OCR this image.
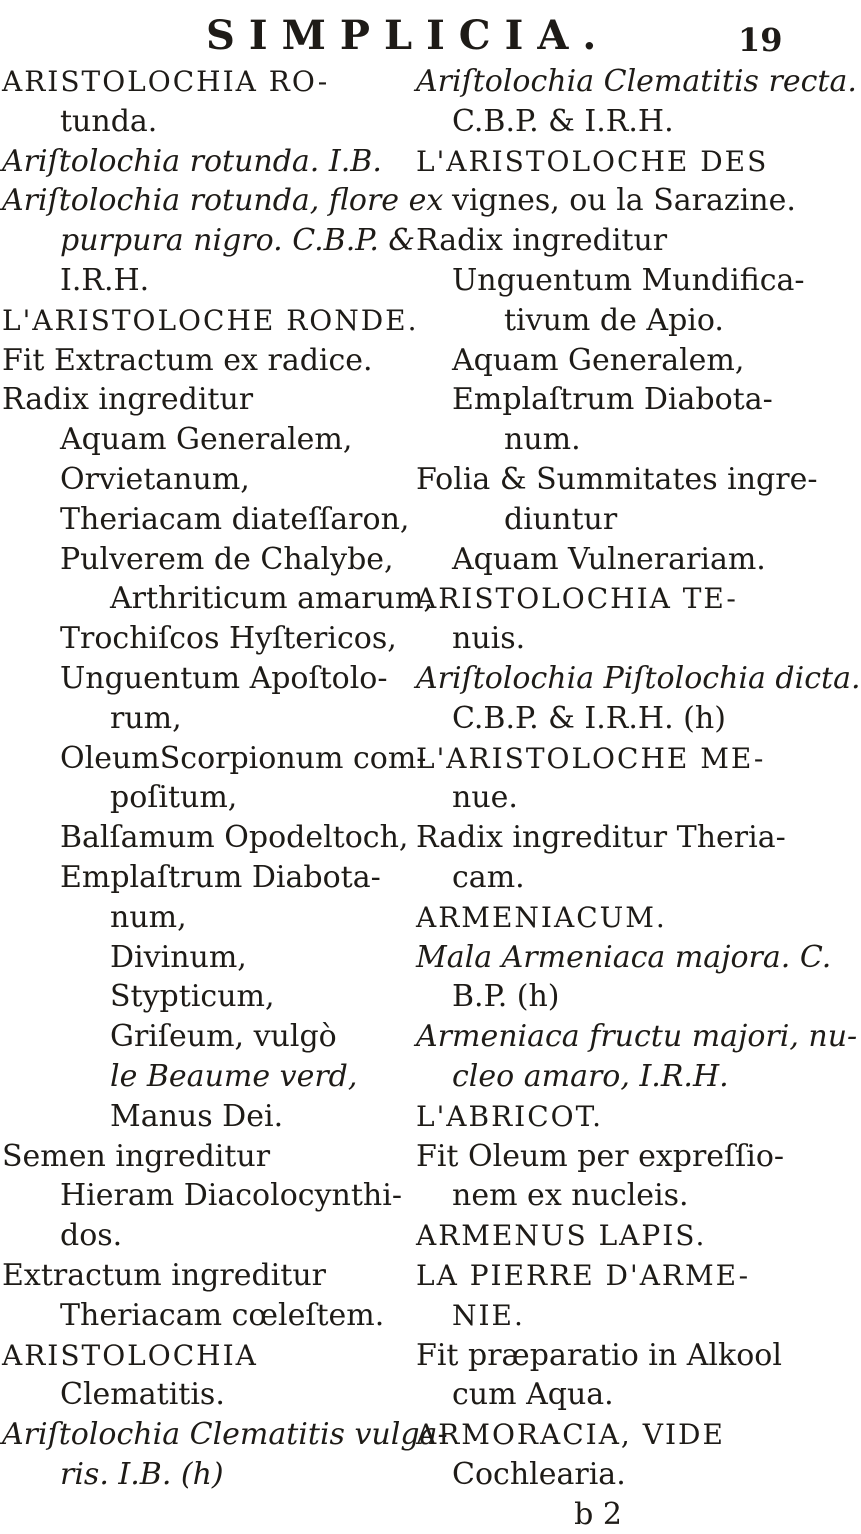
SIMPLICIA.	19
ARISTOLOCHIA RO-
tunda.
Ariſtolochia rotunda. I.B.
Ariſtolochia rotunda, flore ex
purpura nigro. C.B.P. &
I.R.H.
L'ARISTOLOCHE RONDE.
Fit Extractum ex radice.
Radix ingreditur
Aquam Generalem,
Orvietanum,
Theriacam diateſſaron,
Pulverem de Chalybe,
Arthriticum amarum,
Trochiſcos Hyſtericos,
Unguentum Apoſtolo-
rum,
OleumScorpionum com-
poſitum,
Balſamum Opodeltoch,
Emplaſtrum Diabota-
num,
Divinum,
Stypticum,
Griſeum, vulgò
le Beaume verd,
Manus Dei.
Semen ingreditur
Hieram Diacolocynthi-
dos.
Extractum ingreditur
Theriacam cœleſtem.
ARISTOLOCHIA
Clematitis.
Ariſtolochia Clematitis vulga-
ris. I.B. (h)
Ariſtolochia Clematitis recta.
C.B.P. & I.R.H.
L'ARISTOLOCHE DES
vignes, ou la Sarazine.
Radix ingreditur
Unguentum Mundifica-
tivum de Apio.
Aquam Generalem,
Emplaſtrum Diabota-
num.
Folia & Summitates ingre-
diuntur
Aquam Vulnerariam.
ARISTOLOCHIA TE-
nuis.
Ariſtolochia Piſtolochia dicta.
C.B.P. & I.R.H. (h)
L'ARISTOLOCHE ME-
nue.
Radix ingreditur Theria-
cam.
ARMENIACUM.
Mala Armeniaca majora. C.
B.P. (h)
Armeniaca fructu majori, nu-
cleo amaro, I.R.H.
L'ABRICOT.
Fit Oleum per expreſſio-
nem ex nucleis.
ARMENUS LAPIS.
LA PIERRE D'ARME-
NIE.
Fit præparatio in Alkool
cum Aqua.
ARMORACIA, VIDE
Cochlearia.
b 2
